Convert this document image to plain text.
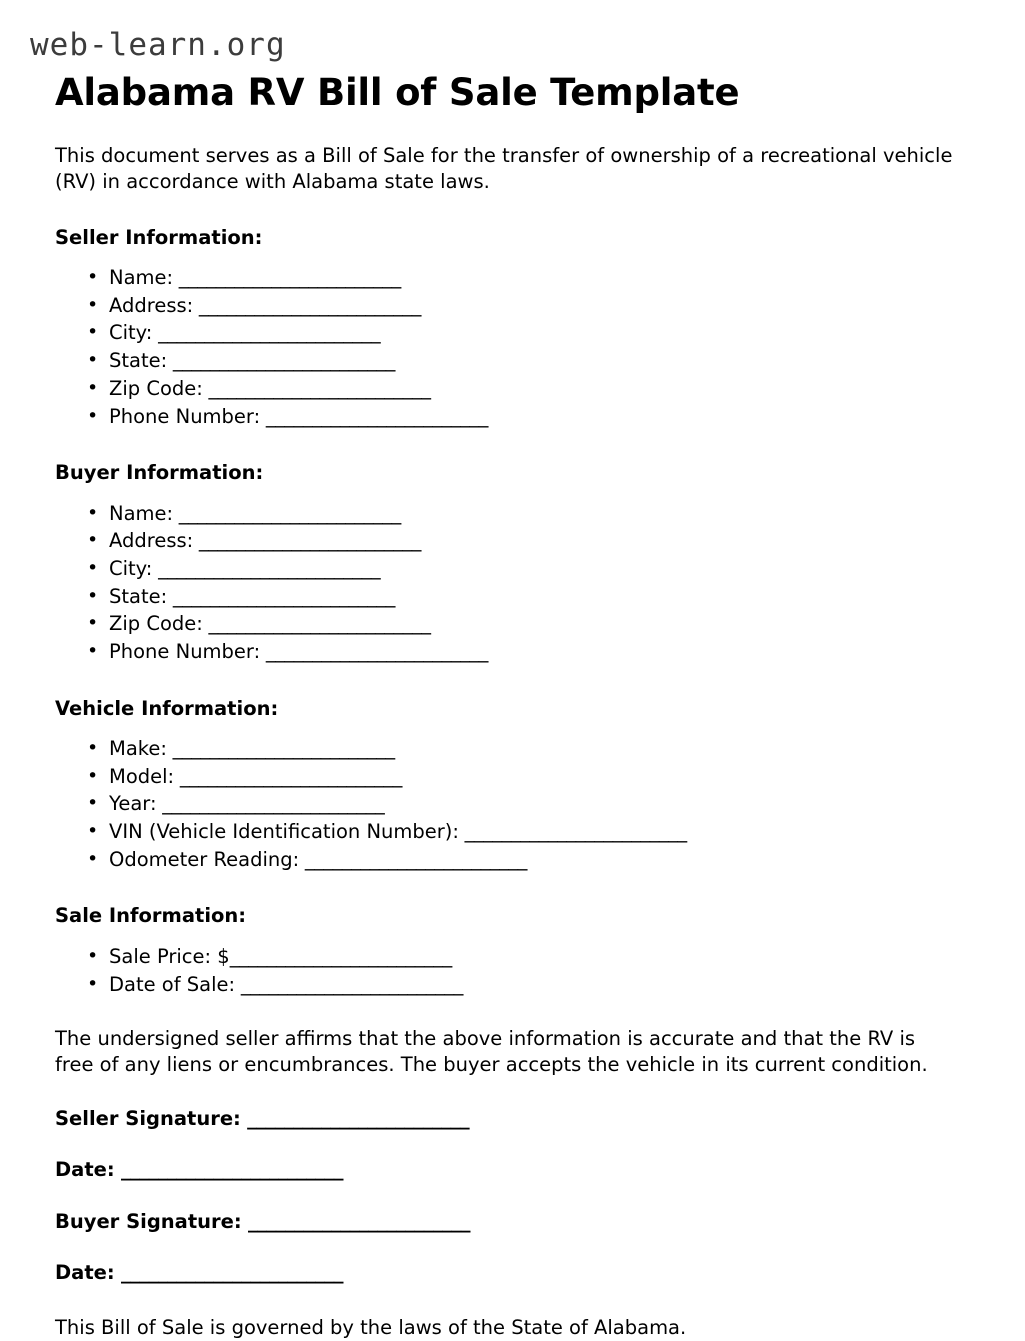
web-learn.org
Alabama RV Bill of Sale Template

This document serves as a Bill of Sale for the transfer of ownership of a recreational vehicle (RV) in accordance with Alabama state laws.

Seller Information:
• Name: ________________________
• Address: ________________________
• City: ________________________
• State: ________________________
• Zip Code: ________________________
• Phone Number: ________________________
Buyer Information:
• Name: ________________________
• Address: ________________________
• City: ________________________
• State: ________________________
• Zip Code: ________________________
• Phone Number: ________________________
Vehicle Information:
• Make: ________________________
• Model: ________________________
• Year: ________________________
• VIN (Vehicle Identification Number): ________________________
• Odometer Reading: ________________________
Sale Information:
• Sale Price: $________________________
• Date of Sale: ________________________

The undersigned seller affirms that the above information is accurate and that the RV is free of any liens or encumbrances. The buyer accepts the vehicle in its current condition.

Seller Signature: ________________________
Date: ________________________
Buyer Signature: ________________________
Date: ________________________

This Bill of Sale is governed by the laws of the State of Alabama.
